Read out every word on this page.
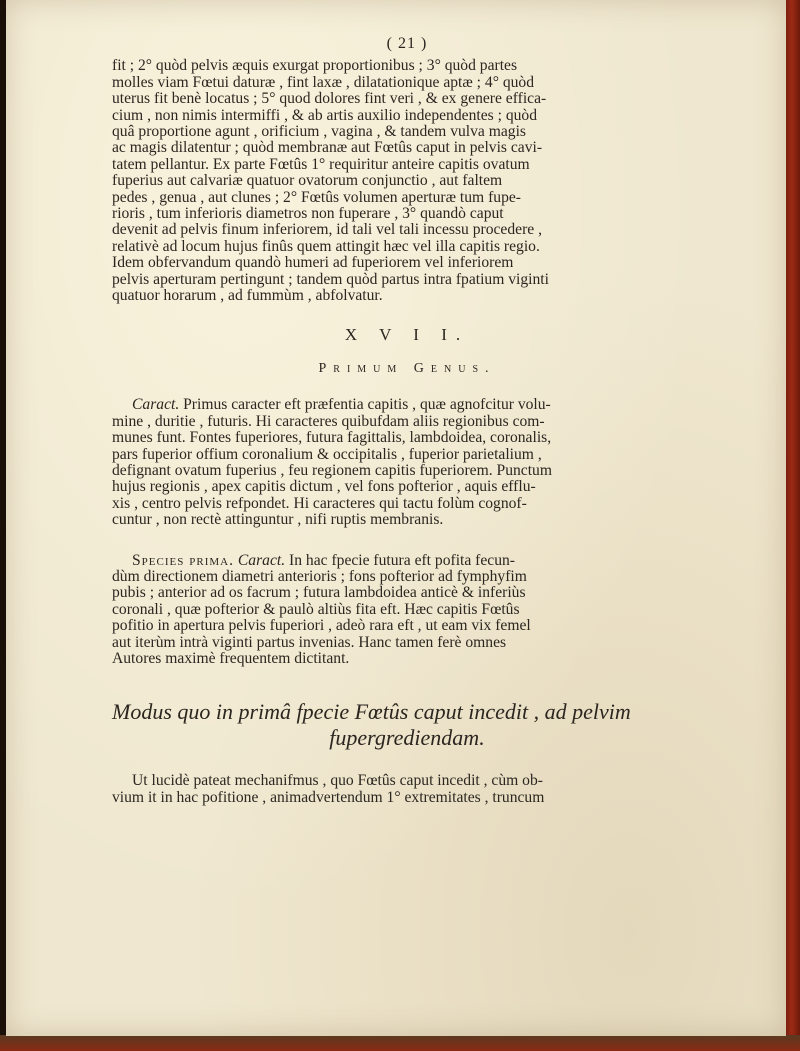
( 21 )
fit ; 2° quòd pelvis æquis exurgat proportionibus ; 3° quòd partes
molles viam Fœtui daturæ , fint laxæ , dilatationique aptæ ; 4° quòd
uterus fit benè locatus ; 5° quod dolores fint veri , & ex genere effica-
cium , non nimis intermiffi , & ab artis auxilio independentes ; quòd
quâ proportione agunt , orificium , vagina , & tandem vulva magis
ac magis dilatentur ; quòd membranæ aut Fœtûs caput in pelvis cavi-
tatem pellantur. Ex parte Fœtûs 1° requiritur anteire capitis ovatum
fuperius aut calvariæ quatuor ovatorum conjunctio , aut faltem
pedes , genua , aut clunes ; 2° Fœtûs volumen aperturæ tum fupe-
rioris , tum inferioris diametros non fuperare , 3° quandò caput
devenit ad pelvis finum inferiorem, id tali vel tali incessu procedere ,
relativè ad locum hujus finûs quem attingit hæc vel illa capitis regio.
Idem obfervandum quandò humeri ad fuperiorem vel inferiorem
pelvis aperturam pertingunt ; tandem quòd partus intra fpatium viginti
quatuor horarum , ad fummùm , abfolvatur.
X V I I.
Primum Genus.
Caract. Primus caracter eft præfentia capitis , quæ agnofcitur volu-
mine , duritie , futuris. Hi caracteres quibufdam aliis regionibus com-
munes funt. Fontes fuperiores, futura fagittalis, lambdoidea, coronalis,
pars fuperior offium coronalium & occipitalis , fuperior parietalium ,
defignant ovatum fuperius , feu regionem capitis fuperiorem. Punctum
hujus regionis , apex capitis dictum , vel fons pofterior , aquis efflu-
xis , centro pelvis refpondet. Hi caracteres qui tactu folùm cognof-
cuntur , non rectè attinguntur , nifi ruptis membranis.
Species prima. Caract. In hac fpecie futura eft pofita fecun-
dùm directionem diametri anterioris ; fons pofterior ad fymphyfim
pubis ; anterior ad os facrum ; futura lambdoidea anticè & inferiùs
coronali , quæ pofterior & paulò altiùs fita eft. Hæc capitis Fœtûs
pofitio in apertura pelvis fuperiori , adeò rara eft , ut eam vix femel
aut iterùm intrà viginti partus invenias. Hanc tamen ferè omnes
Autores maximè frequentem dictitant.
Modus quo in primâ fpecie Fœtûs caput incedit , ad pelvim
fupergrediendam.
Ut lucidè pateat mechanifmus , quo Fœtûs caput incedit , cùm ob-
vium it in hac pofitione , animadvertendum 1° extremitates , truncum
